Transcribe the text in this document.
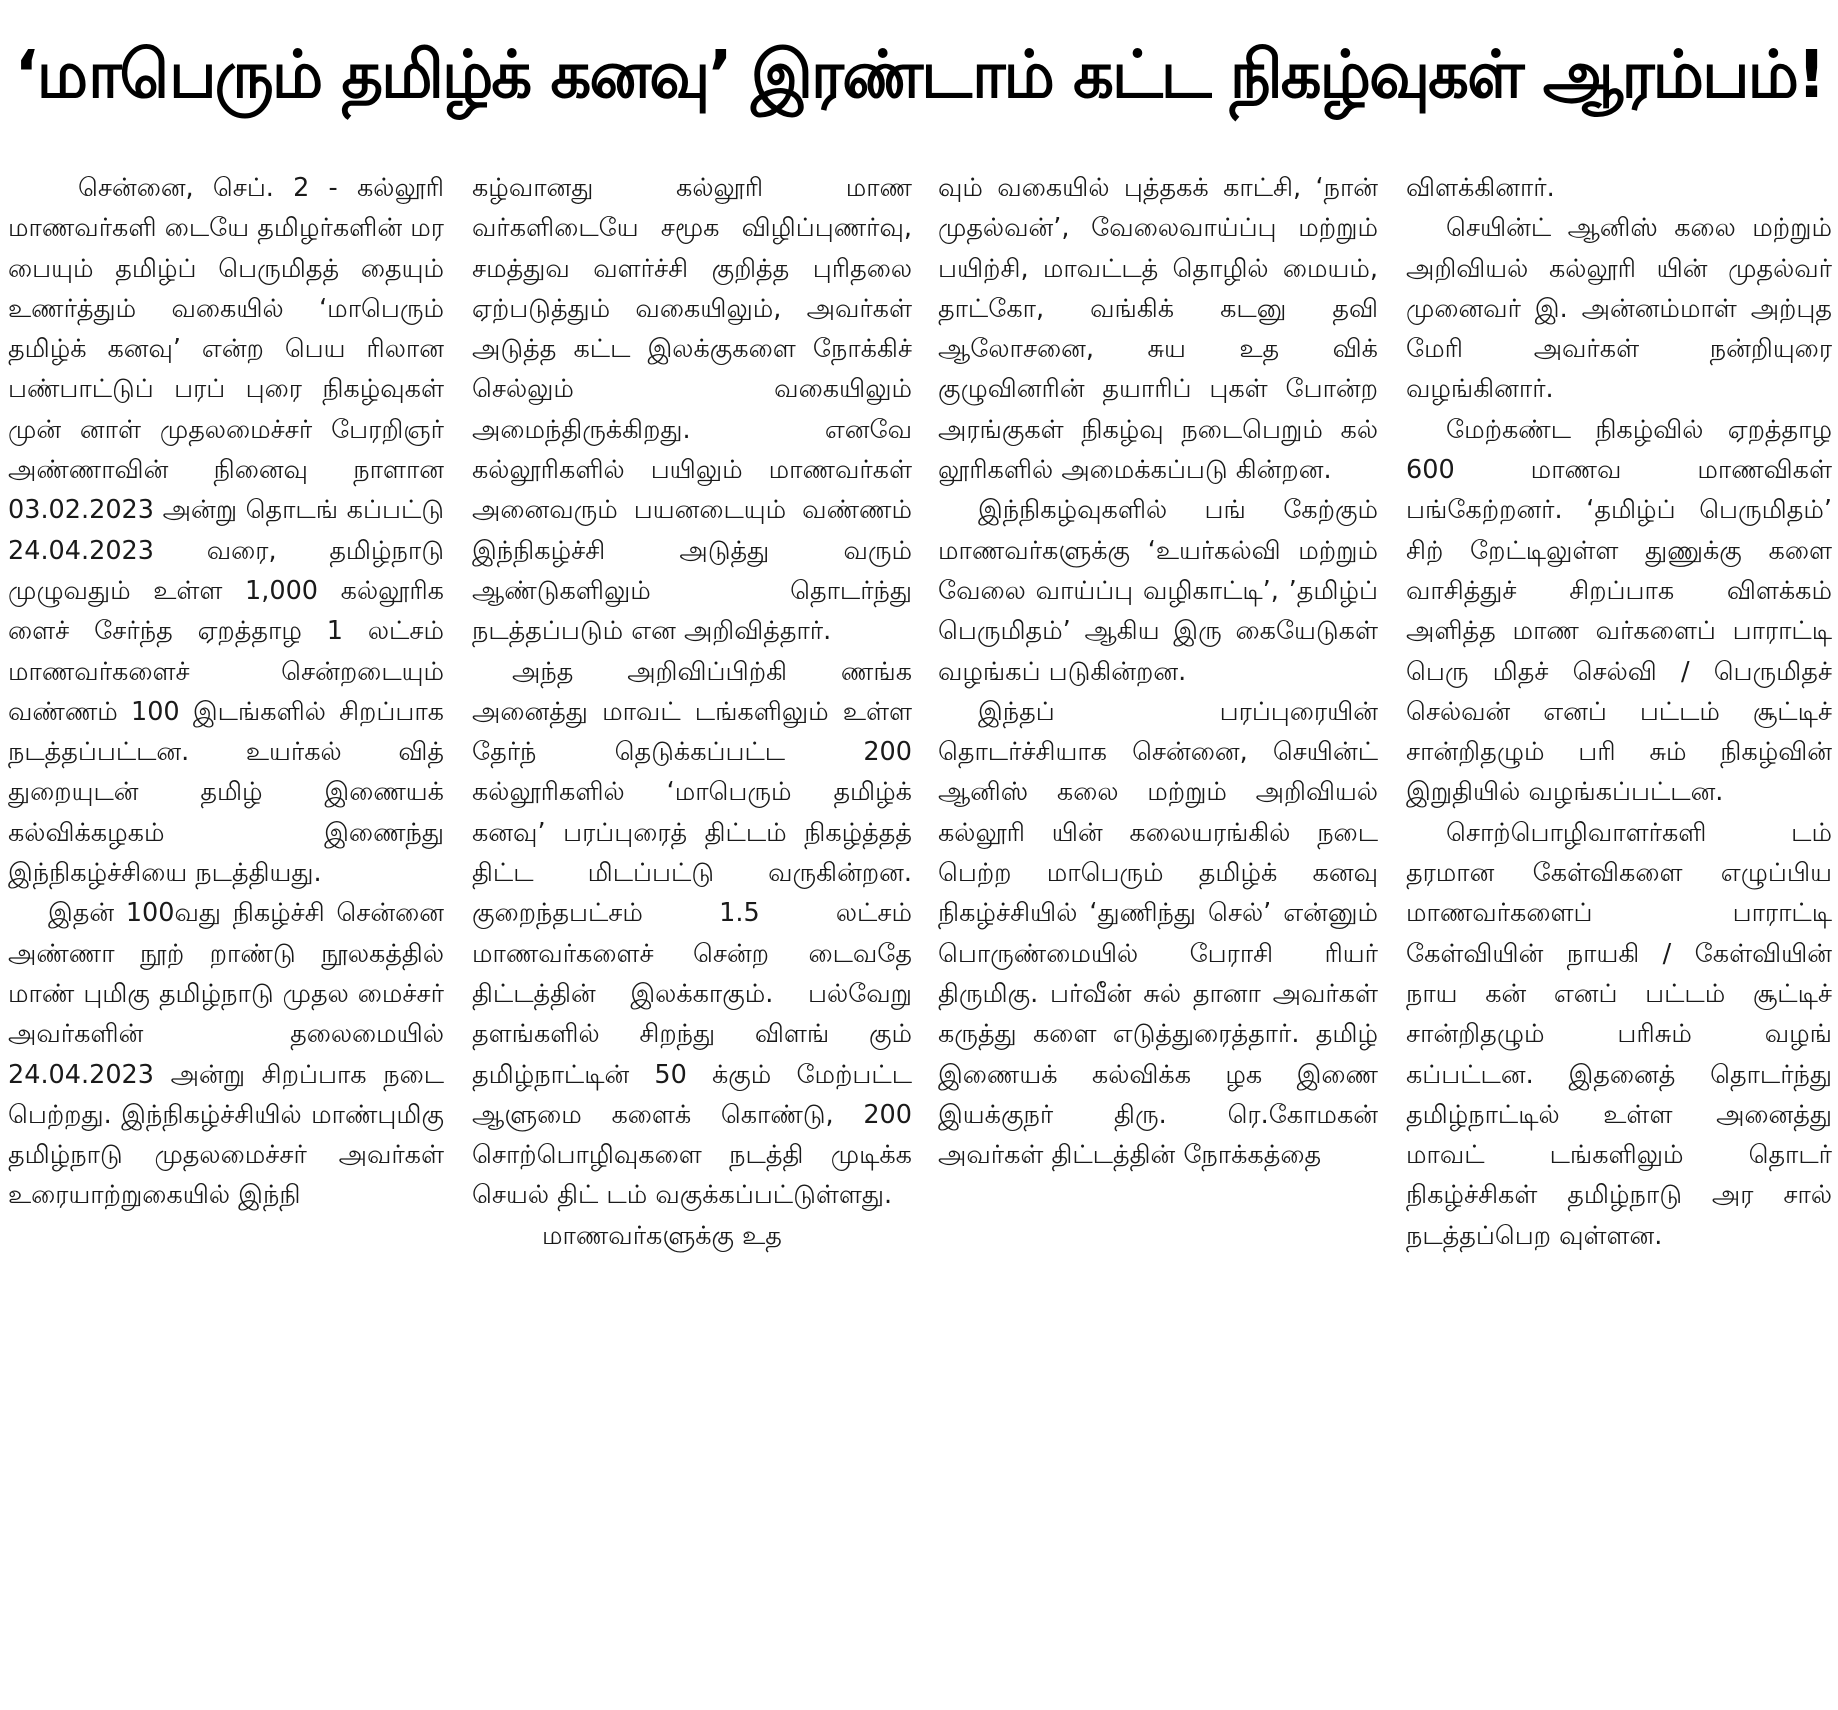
‘மாபெரும் தமிழ்க் கனவு’ இரண்டாம் கட்ட நிகழ்வுகள் ஆரம்பம்!

சென்னை, செப். 2 - கல்லூரி மாணவர்களி டையே தமிழர்களின் மர பையும் தமிழ்ப் பெருமிதத் தையும் உணர்த்தும் வகையில் ‘மாபெரும் தமிழ்க் கனவு’ என்ற பெய ரிலான பண்பாட்டுப் பரப் புரை நிகழ்வுகள் முன் னாள் முதலமைச்சர் பேரறிஞர் அண்ணாவின் நினைவு நாளான 03.02.2023 அன்று தொடங் கப்பட்டு 24.04.2023 வரை, தமிழ்நாடு முழுவதும் உள்ள 1,000 கல்லூரிக ளைச் சேர்ந்த ஏறத்தாழ 1 லட்சம் மாணவர்களைச் சென்றடையும் வண்ணம் 100 இடங்களில் சிறப்பாக நடத்தப்பட்டன. உயர்கல் வித் துறையுடன் தமிழ் இணையக் கல்விக்கழகம் இணைந்து இந்நிகழ்ச்சியை நடத்தியது.

இதன் 100வது நிகழ்ச்சி சென்னை அண்ணா நூற் றாண்டு நூலகத்தில் மாண் புமிகு தமிழ்நாடு முதல மைச்சர் அவர்களின் தலைமையில் 24.04.2023 அன்று சிறப்பாக நடை பெற்றது. இந்நிகழ்ச்சியில் மாண்புமிகு தமிழ்நாடு முதலமைச்சர் அவர்கள் உரையாற்றுகையில் இந்நி

கழ்வானது கல்லூரி மாண வர்களிடையே சமூக விழிப்புணர்வு, சமத்துவ வளர்ச்சி குறித்த புரிதலை ஏற்படுத்தும் வகையிலும், அவர்கள் அடுத்த கட்ட இலக்குகளை நோக்கிச் செல்லும் வகையிலும் அமைந்திருக்கிறது. எனவே கல்லூரிகளில் பயிலும் மாணவர்கள் அனைவரும் பயனடையும் வண்ணம் இந்நிகழ்ச்சி அடுத்து வரும் ஆண்டுகளிலும் தொடர்ந்து நடத்தப்படும் என அறிவித்தார்.

அந்த அறிவிப்பிற்கி ணங்க அனைத்து மாவட் டங்களிலும் உள்ள தேர்ந் தெடுக்கப்பட்ட 200 கல்லூரிகளில் ‘மாபெரும் தமிழ்க் கனவு’ பரப்புரைத் திட்டம் நிகழ்த்தத் திட்ட மிடப்பட்டு வருகின்றன. குறைந்தபட்சம் 1.5 லட்சம் மாணவர்களைச் சென்ற டைவதே திட்டத்தின் இலக்காகும். பல்வேறு தளங்களில் சிறந்து விளங் கும் தமிழ்நாட்டின் 50 க்கும் மேற்பட்ட ஆளுமை களைக் கொண்டு, 200 சொற்பொழிவுகளை நடத்தி முடிக்க செயல் திட் டம் வகுக்கப்பட்டுள்ளது.

மாணவர்களுக்கு உத

வும் வகையில் புத்தகக் காட்சி, ‘நான் முதல்வன்’, வேலைவாய்ப்பு மற்றும் பயிற்சி, மாவட்டத் தொழில் மையம், தாட்கோ, வங்கிக் கடனு தவி ஆலோசனை, சுய உத விக் குழுவினரின் தயாரிப் புகள் போன்ற அரங்குகள் நிகழ்வு நடைபெறும் கல் லூரிகளில் அமைக்கப்படு கின்றன.

இந்நிகழ்வுகளில் பங் கேற்கும் மாணவர்களுக்கு ‘உயர்கல்வி மற்றும் வேலை வாய்ப்பு வழிகாட்டி’, ’தமிழ்ப் பெருமிதம்’ ஆகிய இரு கையேடுகள் வழங்கப் படுகின்றன.

இந்தப் பரப்புரையின் தொடர்ச்சியாக சென்னை, செயின்ட் ஆனிஸ் கலை மற்றும் அறிவியல் கல்லூரி யின் கலையரங்கில் நடை பெற்ற மாபெரும் தமிழ்க் கனவு நிகழ்ச்சியில் ‘துணிந்து செல்’ என்னும் பொருண்மையில் பேராசி ரியர் திருமிகு. பர்வீன் சுல் தானா அவர்கள் கருத்து களை எடுத்துரைத்தார். தமிழ் இணையக் கல்விக்க ழக இணை இயக்குநர் திரு. ரெ.கோமகன் அவர்கள் திட்டத்தின் நோக்கத்தை

விளக்கினார்.

செயின்ட் ஆனிஸ் கலை மற்றும் அறிவியல் கல்லூரி யின் முதல்வர் முனைவர் இ. அன்னம்மாள் அற்புத மேரி அவர்கள் நன்றியுரை வழங்கினார்.

மேற்கண்ட நிகழ்வில் ஏறத்தாழ 600 மாணவ மாணவிகள் பங்கேற்றனர். ‘தமிழ்ப் பெருமிதம்’ சிற் றேட்டிலுள்ள துணுக்கு களை வாசித்துச் சிறப்பாக விளக்கம் அளித்த மாண வர்களைப் பாராட்டி பெரு மிதச் செல்வி / பெருமிதச் செல்வன் எனப் பட்டம் சூட்டிச் சான்றிதழும் பரி சும் நிகழ்வின் இறுதியில் வழங்கப்பட்டன.

சொற்பொழிவாளர்களி டம் தரமான கேள்விகளை எழுப்பிய மாணவர்களைப் பாராட்டி கேள்வியின் நாயகி / கேள்வியின் நாய கன் எனப் பட்டம் சூட்டிச் சான்றிதழும் பரிசும் வழங் கப்பட்டன. இதனைத் தொடர்ந்து தமிழ்நாட்டில் உள்ள அனைத்து மாவட் டங்களிலும் தொடர் நிகழ்ச்சிகள் தமிழ்நாடு அர சால் நடத்தப்பெற வுள்ளன.
